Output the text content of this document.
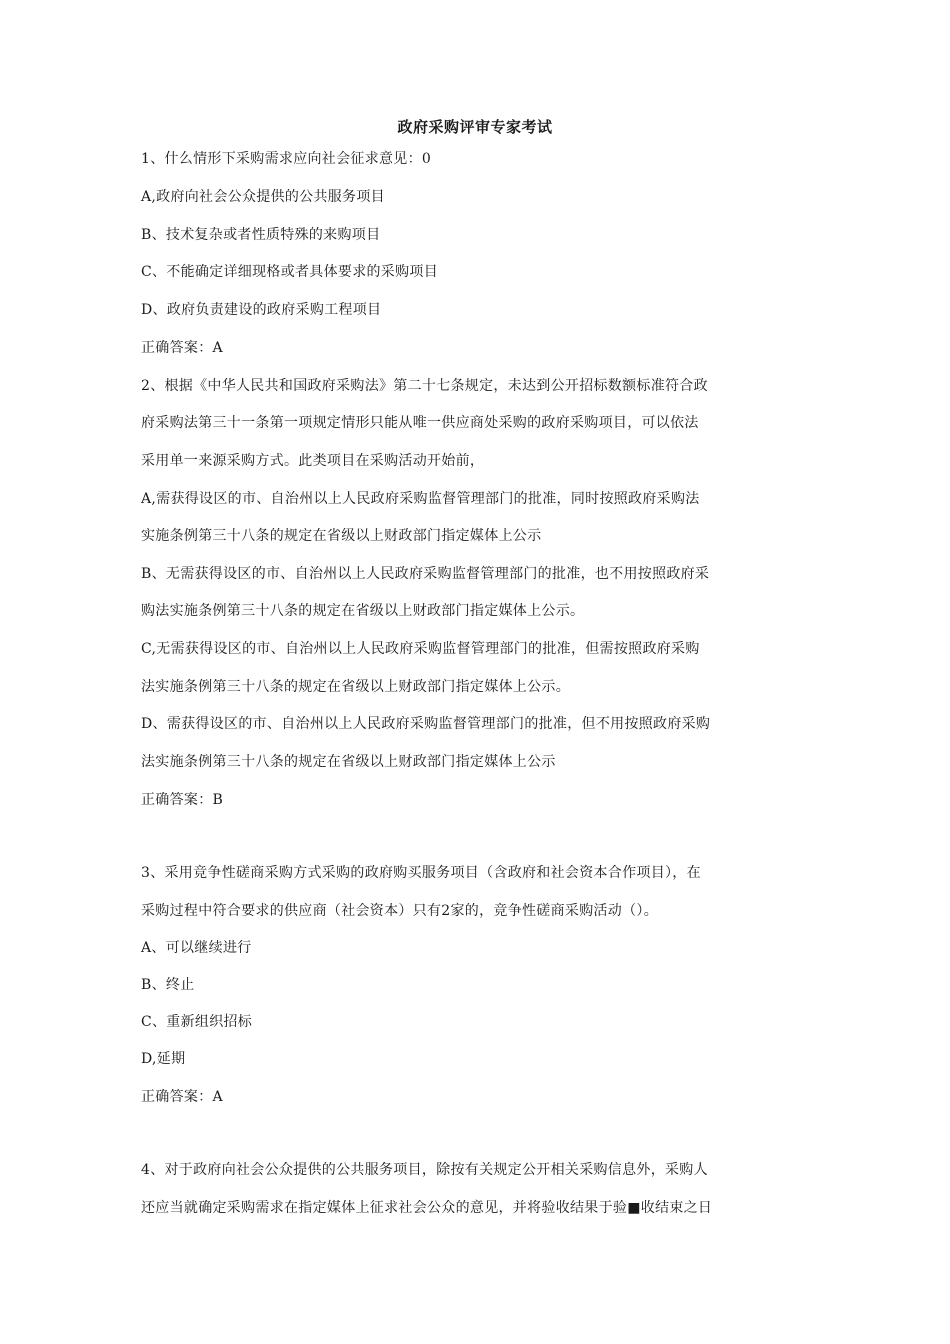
政府采购评审专家考试
1、什么情形下采购需求应向社会征求意见：0
A,政府向社会公众提供的公共服务项目
B、技术复杂或者性质特殊的来购项目
C、不能确定详细现格或者具体要求的采购项目
D、政府负责建设的政府采购工程项目
正确答案：A
2、根据《中华人民共和国政府采购法》第二十七条规定，未达到公开招标数额标准符合政
府采购法第三十一条第一项规定情形只能从唯一供应商处采购的政府采购项目，可以依法
采用单一来源采购方式。此类项目在采购活动开始前，
A,需获得设区的市、自治州以上人民政府采购监督管理部门的批准，同时按照政府采购法
实施条例第三十八条的规定在省级以上财政部门指定媒体上公示
B、无需获得设区的市、自治州以上人民政府采购监督管理部门的批准，也不用按照政府采
购法实施条例第三十八条的规定在省级以上财政部门指定媒体上公示。
C,无需获得设区的市、自治州以上人民政府采购监督管理部门的批准，但需按照政府采购
法实施条例第三十八条的规定在省级以上财政部门指定媒体上公示。
D、需获得设区的市、自治州以上人民政府采购监督管理部门的批准，但不用按照政府采购
法实施条例第三十八条的规定在省级以上财政部门指定媒体上公示
正确答案：B
3、采用竞争性磋商采购方式采购的政府购买服务项目（含政府和社会资本合作项目），在
采购过程中符合要求的供应商（社会资本）只有2家的，竞争性磋商采购活动（）。
A、可以继续进行
B、终止
C、重新组织招标
D,延期
正确答案：A
4、对于政府向社会公众提供的公共服务项目，除按有关规定公开相关采购信息外，采购人
还应当就确定采购需求在指定媒体上征求社会公众的意见，并将验收结果于验■收结束之日
